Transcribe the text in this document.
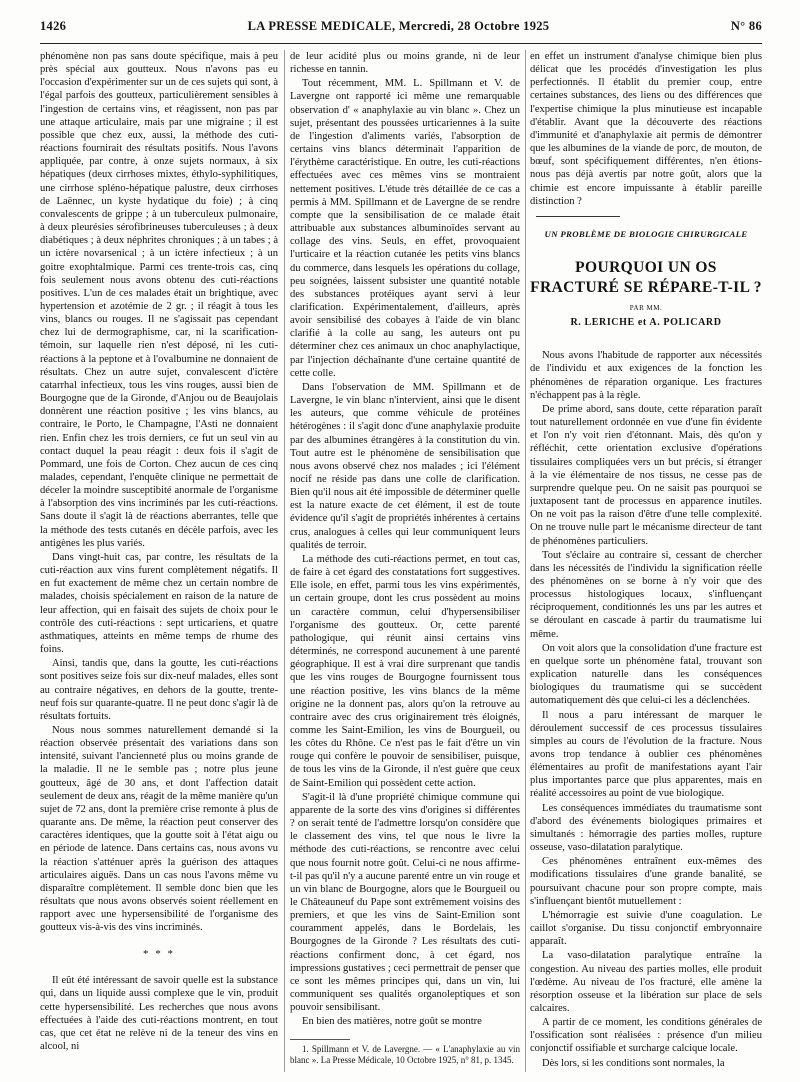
1426	LA PRESSE MEDICALE, Mercredi, 28 Octobre 1925	N° 86

phénomène non pas sans doute spécifique, mais à peu près spécial aux goutteux. Nous n'avons pas eu l'occasion d'expérimenter sur un de ces sujets qui sont, à l'égal parfois des goutteux, particulièrement sensibles à l'ingestion de certains vins, et réagissent, non pas par une attaque articulaire, mais par une migraine ; il est possible que chez eux, aussi, la méthode des cuti-réactions fournirait des résultats positifs. Nous l'avons appliquée, par contre, à onze sujets normaux, à six hépatiques (deux cirrhoses mixtes, éthylo-syphilitiques, une cirrhose spléno-hépatique palustre, deux cirrhoses de Laënnec, un kyste hydatique du foie) ; à cinq convalescents de grippe ; à un tuberculeux pulmonaire, à deux pleurésies sérofibrineuses tuberculeuses ; à deux diabétiques ; à deux néphrites chroniques ; à un tabes ; à un ictère novarsenical ; à un ictère infectieux ; à un goitre exophtalmique. Parmi ces trente-trois cas, cinq fois seulement nous avons obtenu des cuti-réactions positives. L'un de ces malades était un brightique, avec hypertension et azotémie de 2 gr. ; il réagit à tous les vins, blancs ou rouges. Il ne s'agissait pas cependant chez lui de dermographisme, car, ni la scarification-témoin, sur laquelle rien n'est déposé, ni les cuti-réactions à la peptone et à l'ovalbumine ne donnaient de résultats. Chez un autre sujet, convalescent d'ictère catarrhal infectieux, tous les vins rouges, aussi bien de Bourgogne que de la Gironde, d'Anjou ou de Beaujolais donnèrent une réaction positive ; les vins blancs, au contraire, le Porto, le Champagne, l'Asti ne donnaient rien. Enfin chez les trois derniers, ce fut un seul vin au contact duquel la peau réagit : deux fois il s'agit de Pommard, une fois de Corton. Chez aucun de ces cinq malades, cependant, l'enquête clinique ne permettait de déceler la moindre susceptibité anormale de l'organisme à l'absorption des vins incriminés par les cuti-réactions. Sans doute il s'agit là de réactions aberrantes, telle que la méthode des tests cutanés en décèle parfois, avec les antigènes les plus variés.

Dans vingt-huit cas, par contre, les résultats de la cuti-réaction aux vins furent complètement négatifs. Il en fut exactement de même chez un certain nombre de malades, choisis spécialement en raison de la nature de leur affection, qui en faisait des sujets de choix pour le contrôle des cuti-réactions : sept urticariens, et quatre asthmatiques, atteints en même temps de rhume des foins.

Ainsi, tandis que, dans la goutte, les cuti-réactions sont positives seize fois sur dix-neuf malades, elles sont au contraire négatives, en dehors de la goutte, trente-neuf fois sur quarante-quatre. Il ne peut donc s'agir là de résultats fortuits.

Nous nous sommes naturellement demandé si la réaction observée présentait des variations dans son intensité, suivant l'ancienneté plus ou moins grande de la maladie. Il ne le semble pas ; notre plus jeune goutteux, âgé de 30 ans, et dont l'affection datait seulement de deux ans, réagit de la même manière qu'un sujet de 72 ans, dont la première crise remonte à plus de quarante ans. De même, la réaction peut conserver des caractères identiques, que la goutte soit à l'état aigu ou en période de latence. Dans certains cas, nous avons vu la réaction s'atténuer après la guérison des attaques articulaires aiguës. Dans un cas nous l'avons même vu disparaître complètement. Il semble donc bien que les résultats que nous avons observés soient réellement en rapport avec une hypersensibilité de l'organisme des goutteux vis-à-vis des vins incriminés.

* * *

Il eût été intéressant de savoir quelle est la substance qui, dans un liquide aussi complexe que le vin, produit cette hypersensibilité. Les recherches que nous avons effectuées à l'aide des cuti-réactions montrent, en tout cas, que cet état ne relève ni de la teneur des vins en alcool, ni

de leur acidité plus ou moins grande, ni de leur richesse en tannin.

Tout récemment, MM. L. Spillmann et V. de Lavergne ont rapporté ici même une remarquable observation d' « anaphylaxie au vin blanc ». Chez un sujet, présentant des poussées urticariennes à la suite de l'ingestion d'aliments variés, l'absorption de certains vins blancs déterminait l'apparition de l'érythème caractéristique. En outre, les cuti-réactions effectuées avec ces mêmes vins se montraient nettement positives. L'étude très détaillée de ce cas a permis à MM. Spillmann et de Lavergne de se rendre compte que la sensibilisation de ce malade était attribuable aux substances albuminoïdes servant au collage des vins. Seuls, en effet, provoquaient l'urticaire et la réaction cutanée les petits vins blancs du commerce, dans lesquels les opérations du collage, peu soignées, laissent subsister une quantité notable des substances protéiques ayant servi à leur clarification. Expérimentalement, d'ailleurs, après avoir sensibilisé des cobayes à l'aide de vin blanc clarifié à la colle au sang, les auteurs ont pu déterminer chez ces animaux un choc anaphylactique, par l'injection déchaînante d'une certaine quantité de cette colle.

Dans l'observation de MM. Spillmann et de Lavergne, le vin blanc n'intervient, ainsi que le disent les auteurs, que comme véhicule de protéines hétérogènes : il s'agit donc d'une anaphylaxie produite par des albumines étrangères à la constitution du vin. Tout autre est le phénomène de sensibilisation que nous avons observé chez nos malades ; ici l'élément nocif ne réside pas dans une colle de clarification. Bien qu'il nous ait été impossible de déterminer quelle est la nature exacte de cet élément, il est de toute évidence qu'il s'agit de propriétés inhérentes à certains crus, analogues à celles qui leur communiquent leurs qualités de terroir.

La méthode des cuti-réactions permet, en tout cas, de faire à cet égard des constatations fort suggestives. Elle isole, en effet, parmi tous les vins expérimentés, un certain groupe, dont les crus possèdent au moins un caractère commun, celui d'hypersensibiliser l'organisme des goutteux. Or, cette parenté pathologique, qui réunit ainsi certains vins déterminés, ne correspond aucunement à une parenté géographique. Il est à vrai dire surprenant que tandis que les vins rouges de Bourgogne fournissent tous une réaction positive, les vins blancs de la même origine ne la donnent pas, alors qu'on la retrouve au contraire avec des crus originairement très éloignés, comme les Saint-Emilion, les vins de Bourgueil, ou les côtes du Rhône. Ce n'est pas le fait d'être un vin rouge qui confère le pouvoir de sensibiliser, puisque, de tous les vins de la Gironde, il n'est guère que ceux de Saint-Emilion qui possèdent cette action.

S'agit-il là d'une propriété chimique commune qui apparente de la sorte des vins d'origines si différentes ? on serait tenté de l'admettre lorsqu'on considère que le classement des vins, tel que nous le livre la méthode des cuti-réactions, se rencontre avec celui que nous fournit notre goût. Celui-ci ne nous affirme-t-il pas qu'il n'y a aucune parenté entre un vin rouge et un vin blanc de Bourgogne, alors que le Bourgueil ou le Châteauneuf du Pape sont extrêmement voisins des premiers, et que les vins de Saint-Emilion sont couramment appelés, dans le Bordelais, les Bourgognes de la Gironde ? Les résultats des cuti-réactions confirment donc, à cet égard, nos impressions gustatives ; ceci permettrait de penser que ce sont les mêmes principes qui, dans un vin, lui communiquent ses qualités organoleptiques et son pouvoir sensibilisant.

En bien des matières, notre goût se montre

1. Spillmann et V. de Lavergne. — « L'anaphylaxie au vin blanc ». La Presse Médicale, 10 Octobre 1925, n° 81, p. 1345.

en effet un instrument d'analyse chimique bien plus délicat que les procédés d'investigation les plus perfectionnés. Il établit du premier coup, entre certaines substances, des liens ou des différences que l'expertise chimique la plus minutieuse est incapable d'établir. Avant que la découverte des réactions d'immunité et d'anaphylaxie ait permis de démontrer que les albumines de la viande de porc, de mouton, de bœuf, sont spécifiquement différentes, n'en étions-nous pas déjà avertis par notre goût, alors que la chimie est encore impuissante à établir pareille distinction ?

UN PROBLÈME DE BIOLOGIE CHIRURGICALE
POURQUOI UN OS FRACTURÉ SE RÉPARE-T-IL ?
PAR MM.
R. LERICHE et A. POLICARD

Nous avons l'habitude de rapporter aux nécessités de l'individu et aux exigences de la fonction les phénomènes de réparation organique. Les fractures n'échappent pas à la règle.

De prime abord, sans doute, cette réparation paraît tout naturellement ordonnée en vue d'une fin évidente et l'on n'y voit rien d'étonnant. Mais, dès qu'on y réfléchit, cette orientation exclusive d'opérations tissulaires compliquées vers un but précis, si étranger à la vie élémentaire de nos tissus, ne cesse pas de surprendre quelque peu. On ne saisit pas pourquoi se juxtaposent tant de processus en apparence inutiles. On ne voit pas la raison d'être d'une telle complexité. On ne trouve nulle part le mécanisme directeur de tant de phénomènes particuliers.

Tout s'éclaire au contraire si, cessant de chercher dans les nécessités de l'individu la signification réelle des phénomènes on se borne à n'y voir que des processus histologiques locaux, s'influençant réciproquement, conditionnés les uns par les autres et se déroulant en cascade à partir du traumatisme lui même.

On voit alors que la consolidation d'une fracture est en quelque sorte un phénomène fatal, trouvant son explication naturelle dans les conséquences biologiques du traumatisme qui se succèdent automatiquement dès que celui-ci les a déclenchées.

Il nous a paru intéressant de marquer le déroulement successif de ces processus tissulaires simples au cours de l'évolution de la fracture. Nous avons trop tendance à oublier ces phénomènes élémentaires au profit de manifestations ayant l'air plus importantes parce que plus apparentes, mais en réalité accessoires au point de vue biologique.

Les conséquences immédiates du traumatisme sont d'abord des événements biologiques primaires et simultanés : hémorragie des parties molles, rupture osseuse, vaso-dilatation paralytique.

Ces phénomènes entraînent eux-mêmes des modifications tissulaires d'une grande banalité, se poursuivant chacune pour son propre compte, mais s'influençant bientôt mutuellement :

L'hémorragie est suivie d'une coagulation. Le caillot s'organise. Du tissu conjonctif embryonnaire apparaît.

La vaso-dilatation paralytique entraîne la congestion. Au niveau des parties molles, elle produit l'œdème. Au niveau de l'os fracturé, elle amène la résorption osseuse et la libération sur place de sels calcaires.

A partir de ce moment, les conditions générales de l'ossification sont réalisées : présence d'un milieu conjonctif ossifiable et surcharge calcique locale.

Dès lors, si les conditions sont normales, la
